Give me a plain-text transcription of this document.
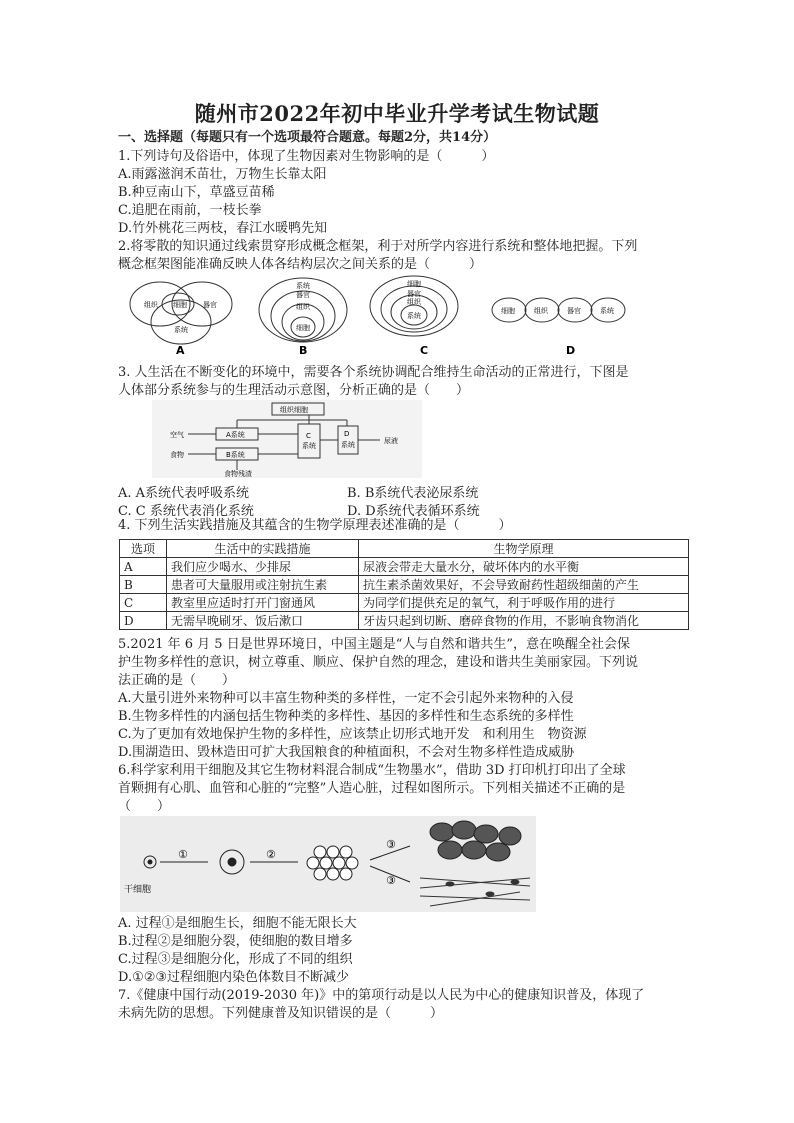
随州市2022年初中毕业升学考试生物试题
一、选择题（每题只有一个选项最符合题意。每题2分，共14分）
1.下列诗句及俗语中，体现了生物因素对生物影响的是（　　　）
A.雨露滋润禾苗壮，万物生长靠太阳
B.种豆南山下，草盛豆苗稀
C.追肥在雨前，一枝长拳
D.竹外桃花三两枝，春江水暖鸭先知
2.将零散的知识通过线索贯穿形成概念框架，利于对所学内容进行系统和整体地把握。下列
概念框架图能准确反映人体各结构层次之间关系的是（　　　）
组织	器官
细胞
系统
A
系统
器官
组织
细胞
B
细胞
器官
组织
系统
C
细胞	组织	器官	系统
D
3. 人生活在不断变化的环境中，需要各个系统协调配合维持生命活动的正常进行，下图是
人体部分系统参与的生理活动示意图，分析正确的是（　　）
组织细胞
空气
食物
A系统
B系统
C
系统
D
系统	尿液
食物残渣
A. A系统代表呼吸系统	B. B系统代表泌尿系统
C. C 系统代表消化系统	D. D系统代表循环系统
4. 下列生活实践措施及其蕴含的生物学原理表述准确的是（　　　）
选项	生活中的实践措施	生物学原理
A	我们应少喝水、少排尿	尿液会带走大量水分，破坏体内的水平衡
B	患者可大量服用或注射抗生素	抗生素杀菌效果好，不会导致耐药性超级细菌的产生
C	教室里应适时打开门窗通风	为同学们提供充足的氧气，利于呼吸作用的进行
D	无需早晚刷牙、饭后漱口	牙齿只起到切断、磨碎食物的作用，不影响食物消化
5.2021 年 6 月 5 日是世界环境日，中国主题是“人与自然和谐共生”，意在唤醒全社会保
护生物多样性的意识，树立尊重、顺应、保护自然的理念，建设和谐共生美丽家园。下列说
法正确的是（　　）
A.大量引进外来物种可以丰富生物种类的多样性，一定不会引起外来物种的入侵
B.生物多样性的内涵包括生物种类的多样性、基因的多样性和生态系统的多样性
C.为了更加有效地保护生物的多样性，应该禁止切形式地开发　和利用生　物资源
D.围湖造田、毁林造田可扩大我国粮食的种植面积，不会对生物多样性造成威胁
6.科学家利用干细胞及其它生物材料混合制成“生物墨水”，借助 3D 打印机打印出了全球
首颗拥有心肌、血管和心脏的“完整”人造心脏，过程如图所示。下列相关描述不正确的是
（　　）
①	②
③
③
干细胞
A. 过程①是细胞生长，细胞不能无限长大
B.过程②是细胞分裂，使细胞的数目增多
C.过程③是细胞分化，形成了不同的组织
D.①②③过程细胞内染色体数目不断减少
7.《健康中国行动(2019-2030 年)》中的第项行动是以人民为中心的健康知识普及，体现了
未病先防的思想。下列健康普及知识错误的是（　　　）
